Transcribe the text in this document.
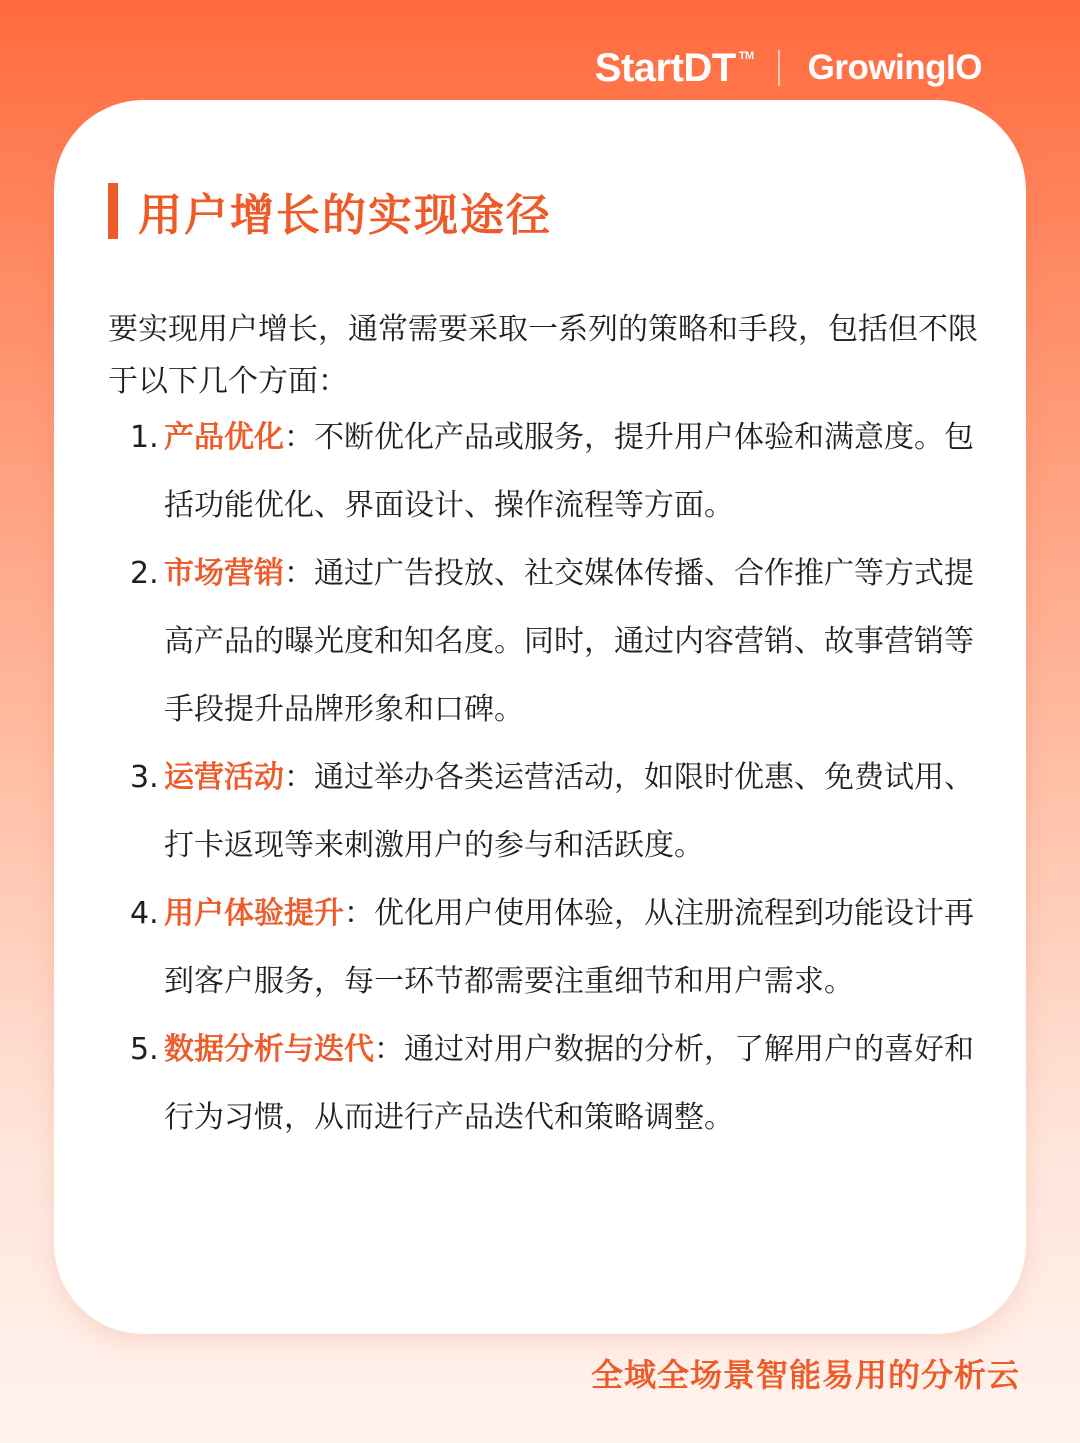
StartDT TM GrowingIO
用户增长的实现途径
要实现用户增长，通常需要采取一系列的策略和手段，包括但不限于以下几个方面：
1. 产品优化：不断优化产品或服务，提升用户体验和满意度。包括功能优化、界面设计、操作流程等方面。
2. 市场营销：通过广告投放、社交媒体传播、合作推广等方式提高产品的曝光度和知名度。同时，通过内容营销、故事营销等手段提升品牌形象和口碑。
3. 运营活动：通过举办各类运营活动，如限时优惠、免费试用、打卡返现等来刺激用户的参与和活跃度。
4. 用户体验提升：优化用户使用体验，从注册流程到功能设计再到客户服务，每一环节都需要注重细节和用户需求。
5. 数据分析与迭代：通过对用户数据的分析，了解用户的喜好和行为习惯，从而进行产品迭代和策略调整。
全域全场景智能易用的分析云
